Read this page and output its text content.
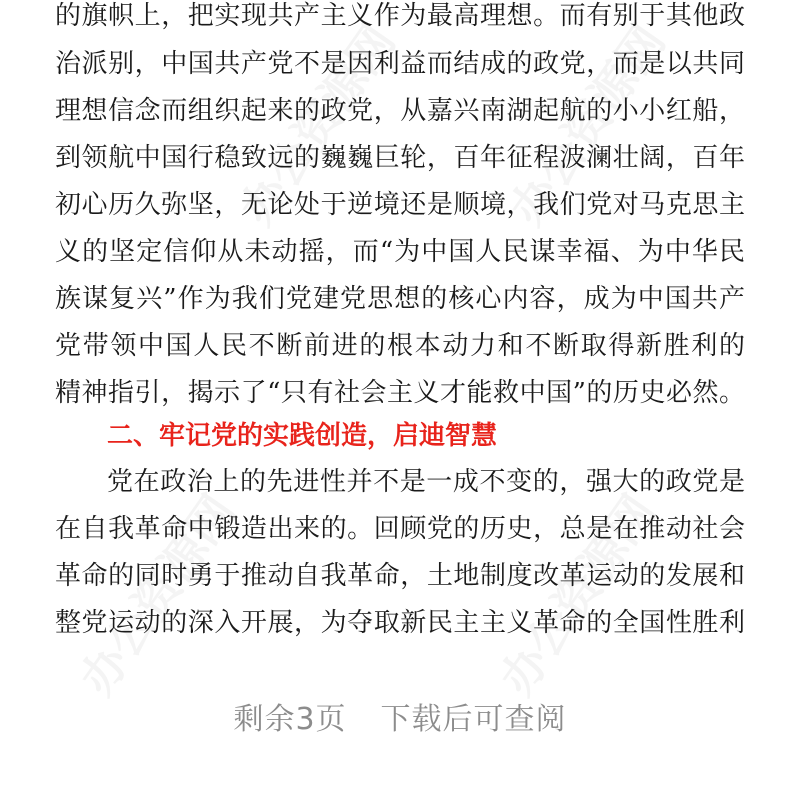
办公资源网 办公资源网
办公资源网	办公资源网
的旗帜上，把实现共产主义作为最高理想。而有别于其他政
治派别，中国共产党不是因利益而结成的政党，而是以共同
理想信念而组织起来的政党，从嘉兴南湖起航的小小红船，
到领航中国行稳致远的巍巍巨轮，百年征程波澜壮阔，百年
初心历久弥坚，无论处于逆境还是顺境，我们党对马克思主
义的坚定信仰从未动摇，而“为中国人民谋幸福、为中华民
族谋复兴”作为我们党建党思想的核心内容，成为中国共产
党带领中国人民不断前进的根本动力和不断取得新胜利的
精神指引，揭示了“只有社会主义才能救中国”的历史必然。
二、牢记党的实践创造，启迪智慧
党在政治上的先进性并不是一成不变的，强大的政党是
在自我革命中锻造出来的。回顾党的历史，总是在推动社会
革命的同时勇于推动自我革命，土地制度改革运动的发展和
整党运动的深入开展，为夺取新民主主义革命的全国性胜利
剩余3页 下载后可查阅
